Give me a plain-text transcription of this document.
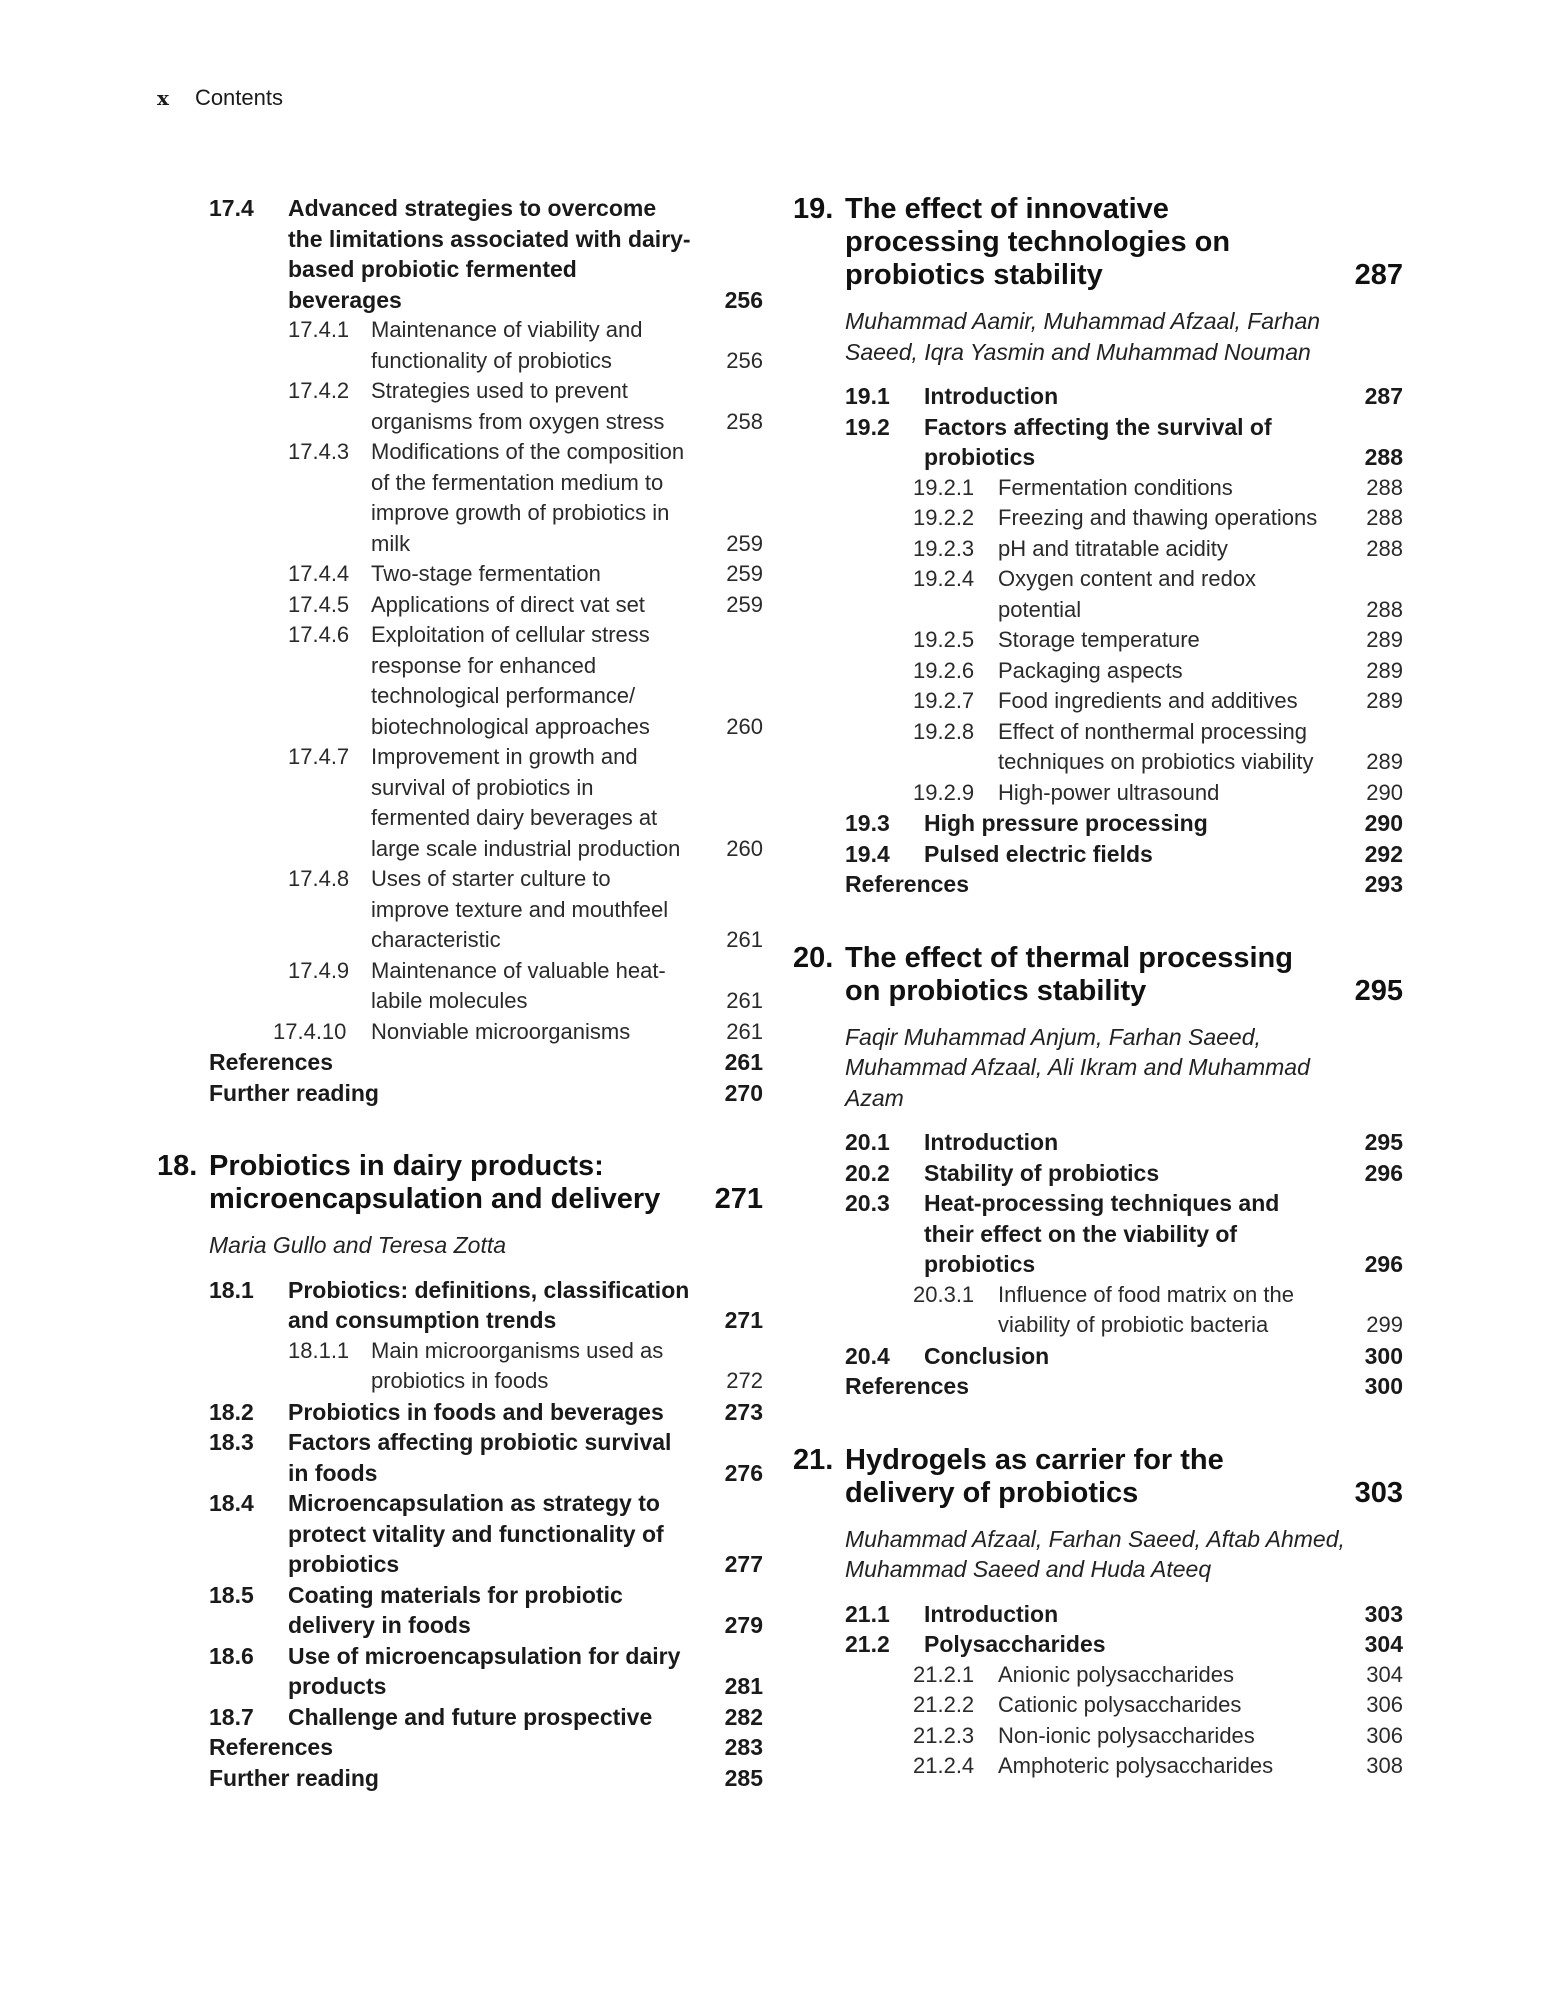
x Contents
17.4 Advanced strategies to overcome the limitations associated with dairy-based probiotic fermented beverages	256
17.4.1 Maintenance of viability and functionality of probiotics	256
17.4.2 Strategies used to prevent organisms from oxygen stress	258
17.4.3 Modifications of the composition of the fermentation medium to improve growth of probiotics in milk	259
17.4.4 Two-stage fermentation	259
17.4.5 Applications of direct vat set	259
17.4.6 Exploitation of cellular stress response for enhanced technological performance/ biotechnological approaches	260
17.4.7 Improvement in growth and survival of probiotics in fermented dairy beverages at large scale industrial production 260
17.4.8 Uses of starter culture to improve texture and mouthfeel characteristic	261
17.4.9 Maintenance of valuable heat-labile molecules	261
17.4.10 Nonviable microorganisms	261
References	261
Further reading	270
18. Probiotics in dairy products: microencapsulation and delivery 271
Maria Gullo and Teresa Zotta
18.1 Probiotics: definitions, classification and consumption trends	271
18.1.1 Main microorganisms used as probiotics in foods	272
18.2 Probiotics in foods and beverages	273
18.3 Factors affecting probiotic survival in foods	276
18.4 Microencapsulation as strategy to protect vitality and functionality of probiotics	277
18.5 Coating materials for probiotic delivery in foods	279
18.6 Use of microencapsulation for dairy products	281
18.7 Challenge and future prospective	282
References	283
Further reading	285
19. The effect of innovative processing technologies on probiotics stability	287
Muhammad Aamir, Muhammad Afzaal, Farhan Saeed, Iqra Yasmin and Muhammad Nouman
19.1 Introduction	287
19.2 Factors affecting the survival of probiotics	288
19.2.1 Fermentation conditions	288
19.2.2 Freezing and thawing operations 288
19.2.3 pH and titratable acidity	288
19.2.4 Oxygen content and redox potential	288
19.2.5 Storage temperature	289
19.2.6 Packaging aspects	289
19.2.7 Food ingredients and additives	289
19.2.8 Effect of nonthermal processing techniques on probiotics viability 289
19.2.9 High-power ultrasound	290
19.3 High pressure processing	290
19.4 Pulsed electric fields	292
References	293
20. The effect of thermal processing on probiotics stability	295
Faqir Muhammad Anjum, Farhan Saeed, Muhammad Afzaal, Ali Ikram and Muhammad Azam
20.1 Introduction	295
20.2 Stability of probiotics	296
20.3 Heat-processing techniques and their effect on the viability of probiotics	296
20.3.1 Influence of food matrix on the viability of probiotic bacteria	299
20.4 Conclusion	300
References	300
21. Hydrogels as carrier for the delivery of probiotics	303
Muhammad Afzaal, Farhan Saeed, Aftab Ahmed, Muhammad Saeed and Huda Ateeq
21.1 Introduction	303
21.2 Polysaccharides	304
21.2.1 Anionic polysaccharides	304
21.2.2 Cationic polysaccharides	306
21.2.3 Non-ionic polysaccharides	306
21.2.4 Amphoteric polysaccharides	308
